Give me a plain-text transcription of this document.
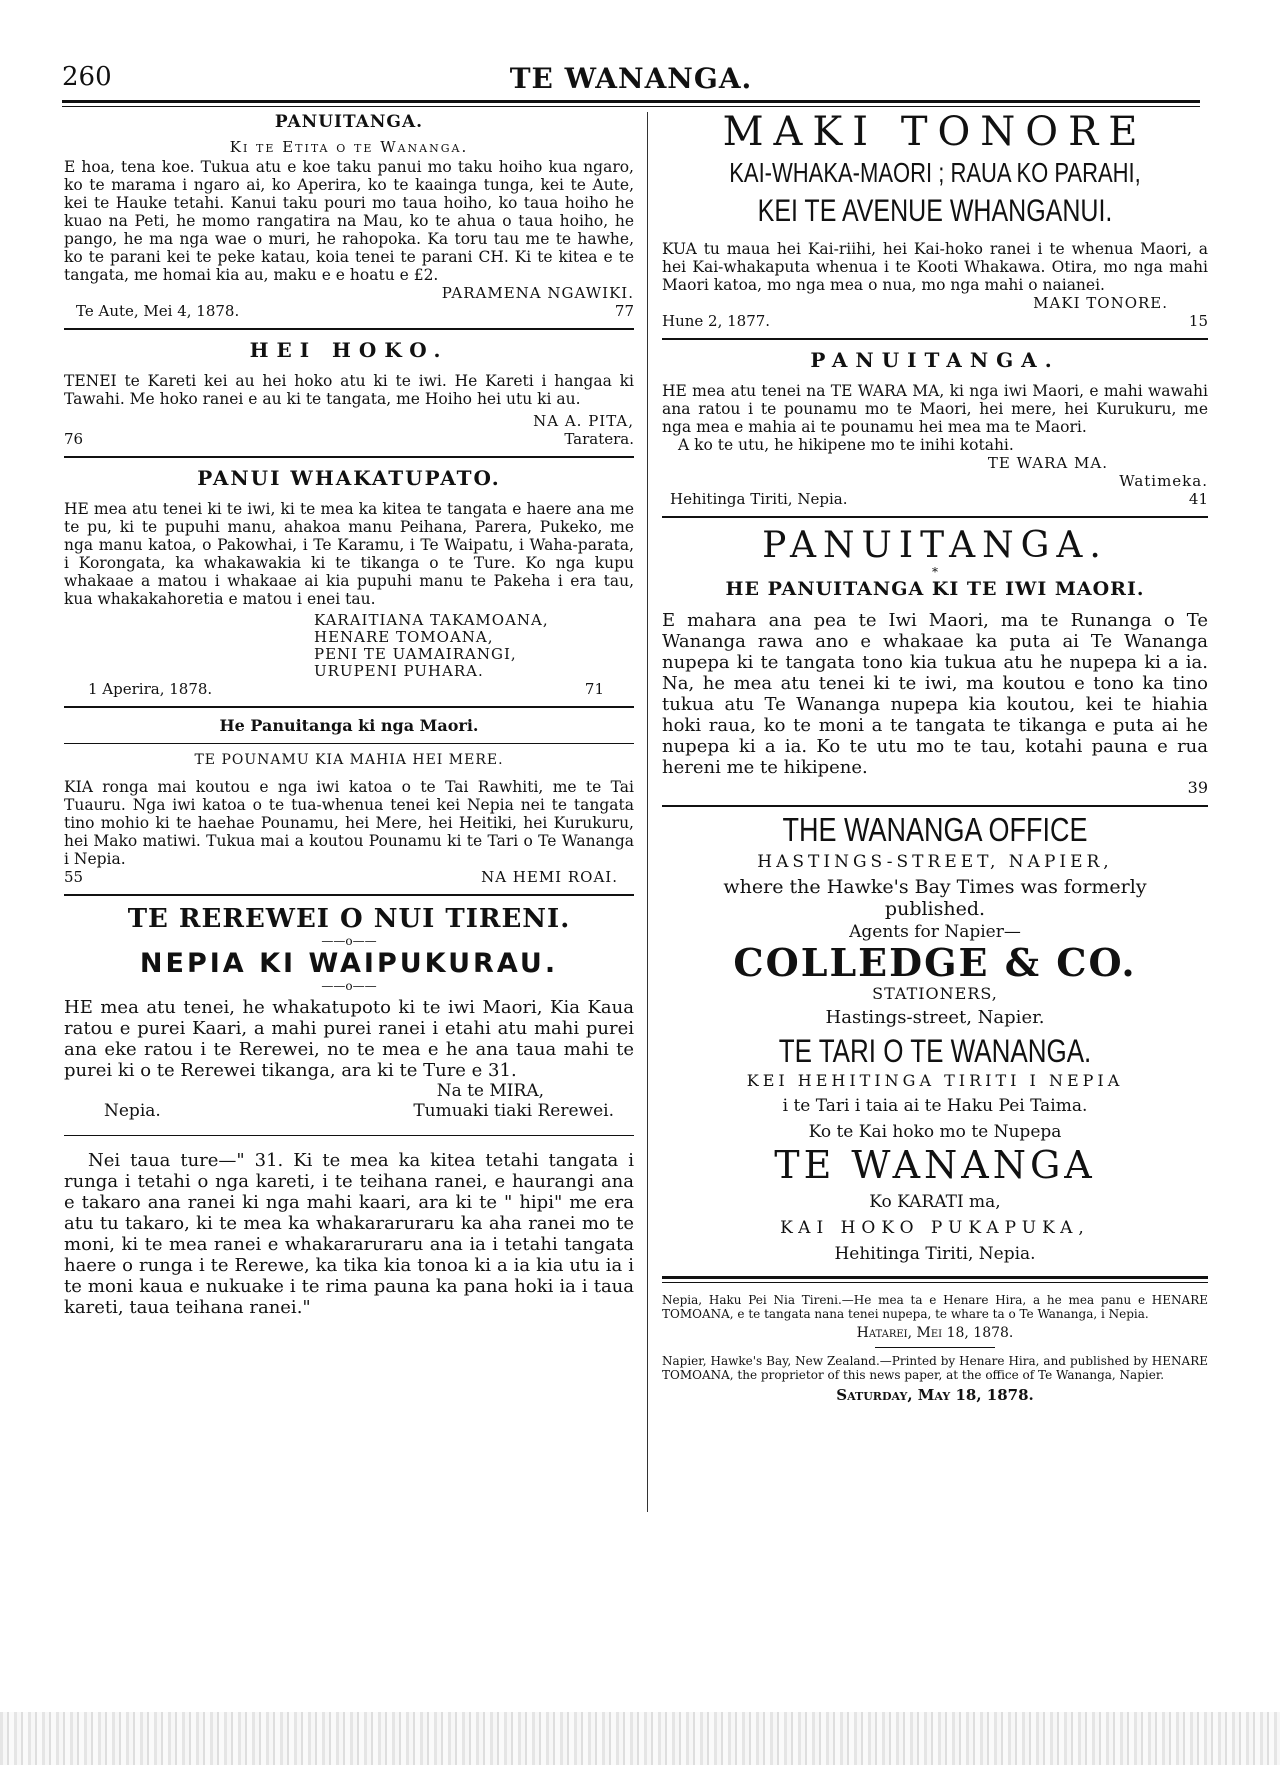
260	TE WANANGA.
PANUITANGA.
Ki te Etita o te Wananga.
E hoa, tena koe. Tukua atu e koe taku panui mo taku hoiho kua ngaro, ko te marama i ngaro ai, ko Aperira, ko te kaainga tunga, kei te Aute, kei te Hauke tetahi. Kanui taku pouri mo taua hoiho, ko taua hoiho he kuao na Peti, he momo rangatira na Mau, ko te ahua o taua hoiho, he pango, he ma nga wae o muri, he rahopoka. Ka toru tau me te hawhe, ko te parani kei te peke katau, koia tenei te parani CH. Ki te kitea e te tangata, me homai kia au, maku e e hoatu e £2.
PARAMENA NGAWIKI.
Te Aute, Mei 4, 1878.	77
HEI HOKO.
TENEI te Kareti kei au hei hoko atu ki te iwi. He Kareti i hangaa ki Tawahi. Me hoko ranei e au ki te tangata, me Hoiho hei utu ki au.
NA A. PITA,
76	Taratera.
PANUI WHAKATUPATO.
HE mea atu tenei ki te iwi, ki te mea ka kitea te tangata e haere ana me te pu, ki te pupuhi manu, ahakoa manu Peihana, Parera, Pukeko, me nga manu katoa, o Pakowhai, i Te Karamu, i Te Waipatu, i Waha-parata, i Korongata, ka whakawakia ki te tikanga o te Ture. Ko nga kupu whakaae a matou i whakaae ai kia pupuhi manu te Pakeha i era tau, kua whakakahoretia e matou i enei tau.
KARAITIANA TAKAMOANA,
HENARE TOMOANA,
PENI TE UAMAIRANGI,
URUPENI PUHARA.
1 Aperira, 1878.	71
He Panuitanga ki nga Maori.
TE POUNAMU KIA MAHIA HEI MERE.
KIA ronga mai koutou e nga iwi katoa o te Tai Rawhiti, me te Tai Tuauru. Nga iwi katoa o te tua-whenua tenei kei Nepia nei te tangata tino mohio ki te haehae Pounamu, hei Mere, hei Heitiki, hei Kurukuru, hei Mako matiwi. Tukua mai a koutou Pounamu ki te Tari o Te Wananga i Nepia.
55	NA HEMI ROAI.
TE REREWEI O NUI TIRENI.
——o——
NEPIA KI WAIPUKURAU.
——o——
HE mea atu tenei, he whakatupoto ki te iwi Maori, Kia Kaua ratou e purei Kaari, a mahi purei ranei i etahi atu mahi purei ana eke ratou i te Rerewei, no te mea e he ana taua mahi te purei ki o te Rerewei tikanga, ara ki te Ture e 31.
Na te MIRA,
Nepia.	Tumuaki tiaki Rerewei.
Nei taua ture—" 31. Ki te mea ka kitea tetahi tangata i runga i tetahi o nga kareti, i te teihana ranei, e haurangi ana e takaro ana ranei ki nga mahi kaari, ara ki te " hipi" me era atu tu takaro, ki te mea ka whakararuraru ka aha ranei mo te moni, ki te mea ranei e whakararuraru ana ia i tetahi tangata haere o runga i te Rerewe, ka tika kia tonoa ki a ia kia utu ia i te moni kaua e nukuake i te rima pauna ka pana hoki ia i taua kareti, taua teihana ranei."
MAKI TONORE
KAI-WHAKA-MAORI ; RAUA KO PARAHI,
KEI TE AVENUE WHANGANUI.
KUA tu maua hei Kai-riihi, hei Kai-hoko ranei i te whenua Maori, a hei Kai-whakaputa whenua i te Kooti Whakawa. Otira, mo nga mahi Maori katoa, mo nga mea o nua, mo nga mahi o naianei.
MAKI TONORE.
Hune 2, 1877.	15
PANUITANGA.
HE mea atu tenei na TE WARA MA, ki nga iwi Maori, e mahi wawahi ana ratou i te pounamu mo te Maori, hei mere, hei Kurukuru, me nga mea e mahia ai te pounamu hei mea ma te Maori.
A ko te utu, he hikipene mo te inihi kotahi.
TE WARA MA.
Watimeka.
Hehitinga Tiriti, Nepia.	41
PANUITANGA.
*
HE PANUITANGA KI TE IWI MAORI.
E mahara ana pea te Iwi Maori, ma te Runanga o Te Wananga rawa ano e whakaae ka puta ai Te Wananga nupepa ki te tangata tono kia tukua atu he nupepa ki a ia. Na, he mea atu tenei ki te iwi, ma koutou e tono ka tino tukua atu Te Wananga nupepa kia koutou, kei te hiahia hoki raua, ko te moni a te tangata te tikanga e puta ai he nupepa ki a ia. Ko te utu mo te tau, kotahi pauna e rua hereni me te hikipene.
39
THE WANANGA OFFICE
HASTINGS-STREET, NAPIER,
where the Hawke's Bay Times was formerly
published.
Agents for Napier—
COLLEDGE & CO.
STATIONERS,
Hastings-street, Napier.
TE TARI O TE WANANGA.
KEI HEHITINGA TIRITI I NEPIA
i te Tari i taia ai te Haku Pei Taima.
Ko te Kai hoko mo te Nupepa
TE WANANGA
Ko KARATI ma,
KAI HOKO PUKAPUKA,
Hehitinga Tiriti, Nepia.
Nepia, Haku Pei Nia Tireni.—He mea ta e Henare Hira, a he mea panu e HENARE TOMOANA, e te tangata nana tenei nupepa, te whare ta o Te Wananga, i Nepia.
Hatarei, Mei 18, 1878.
Napier, Hawke's Bay, New Zealand.—Printed by Henare Hira, and published by HENARE TOMOANA, the proprietor of this news paper, at the office of Te Wananga, Napier.
Saturday, May 18, 1878.
